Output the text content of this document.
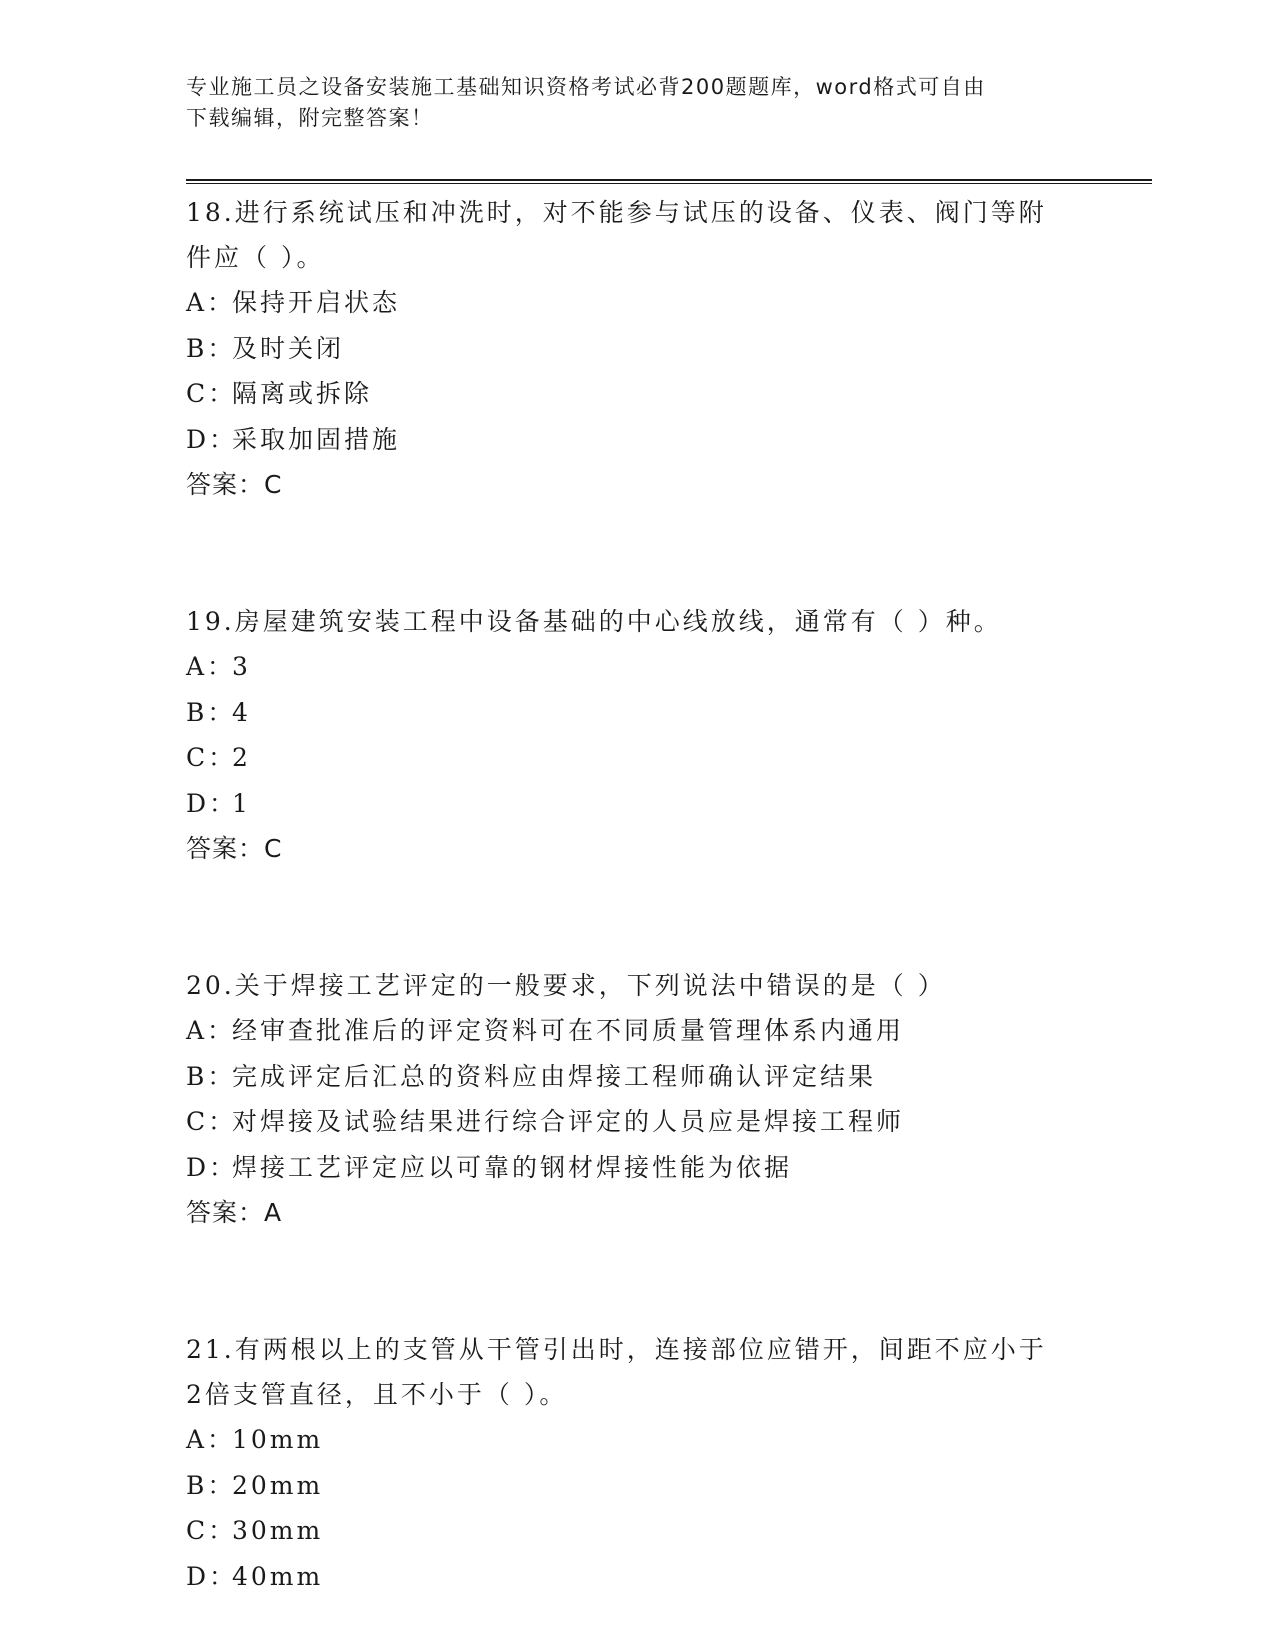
专业施工员之设备安装施工基础知识资格考试必背200题题库，word格式可自由
下载编辑，附完整答案！
18.进行系统试压和冲洗时，对不能参与试压的设备、仪表、阀门等附
件应（ ）。
A：
保持开启状态
B：
及时关闭
C：
隔离或拆除
D：
采取加固措施
答案：C
19.房屋建筑安装工程中设备基础的中心线放线，通常有（ ）种。
A：
3
B：
4
C：
2
D：
1
答案：C
20.关于焊接工艺评定的一般要求，下列说法中错误的是（ ）
A：
经审查批准后的评定资料可在不同质量管理体系内通用
B：
完成评定后汇总的资料应由焊接工程师确认评定结果
C：
对焊接及试验结果进行综合评定的人员应是焊接工程师
D：
焊接工艺评定应以可靠的钢材焊接性能为依据
答案：A
21.有两根以上的支管从干管引出时，连接部位应错开，间距不应小于
2倍支管直径，且不小于（ ）。
A：
10mm
B：
20mm
C：
30mm
D：
40mm
